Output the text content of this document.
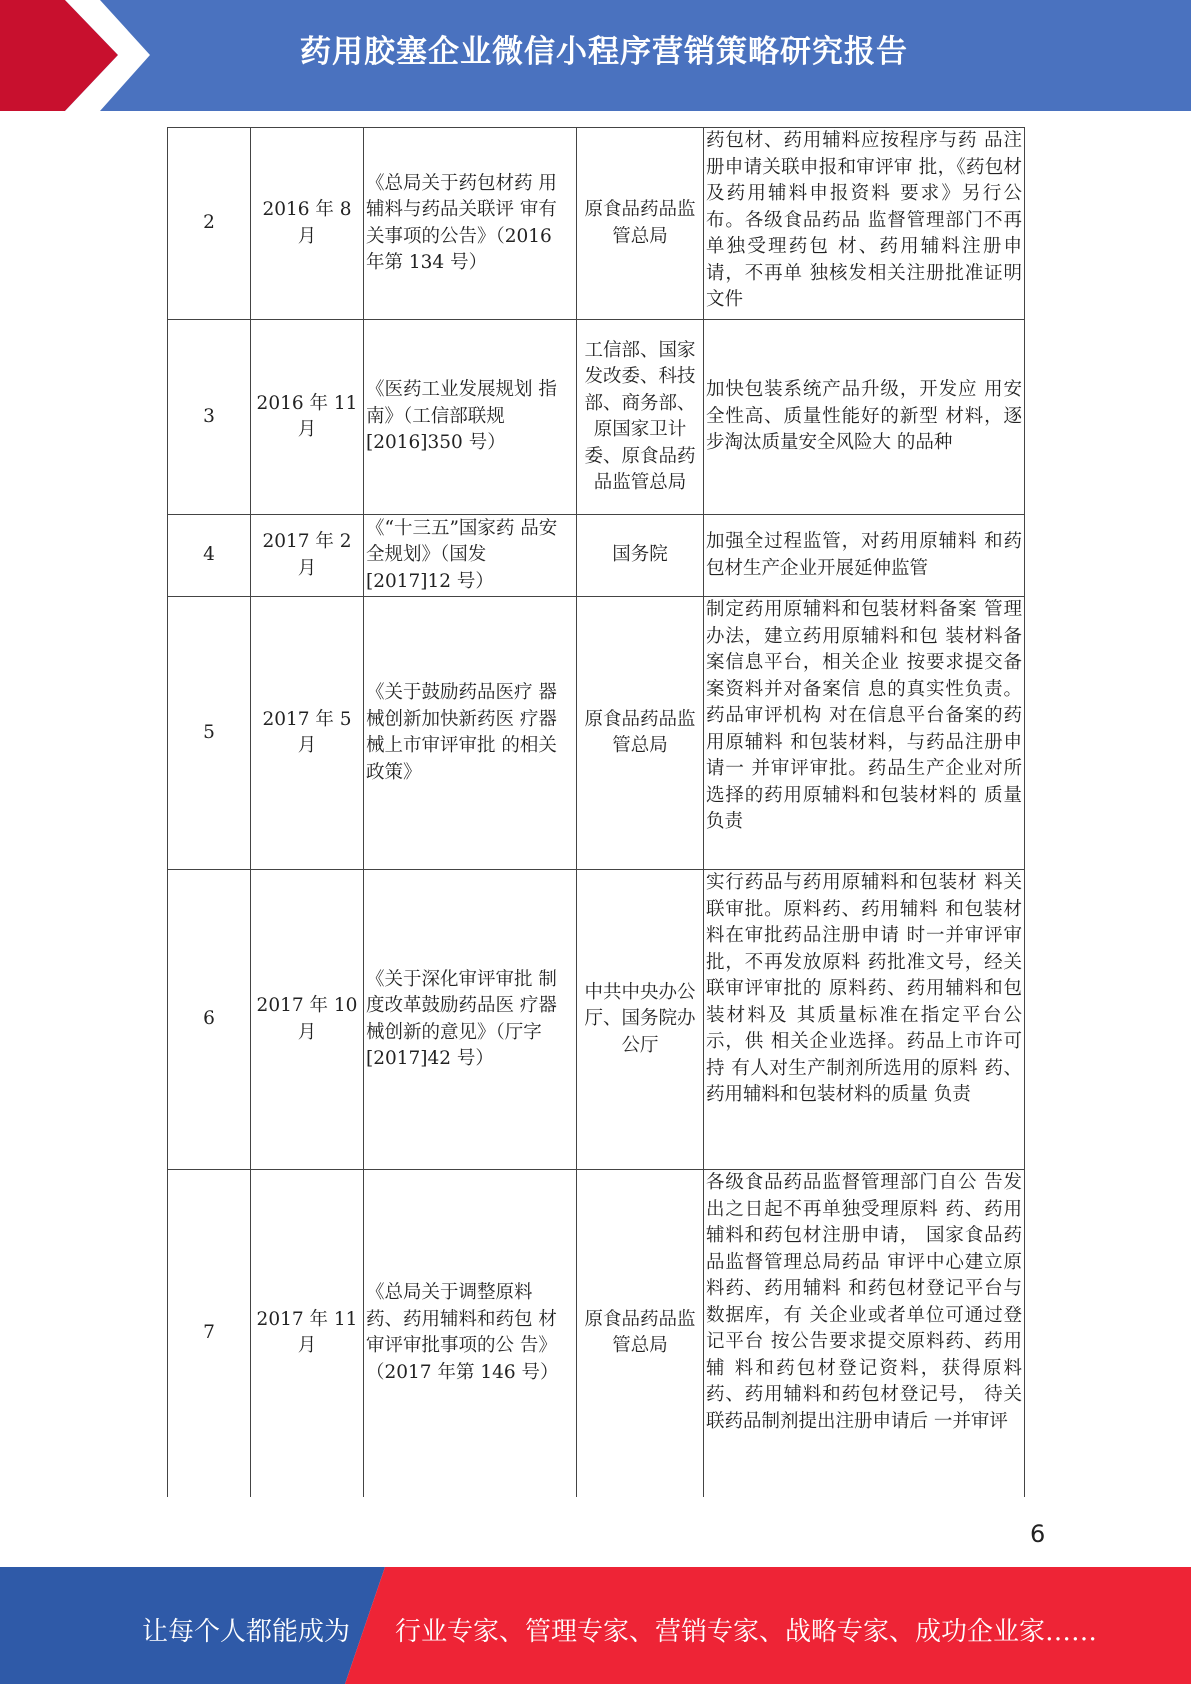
药用胶塞企业微信小程序营销策略研究报告
2	2016 年 8 月	《总局关于药包材药 用辅料与药品关联评 审有关事项的公告》（2016 年第 134 号）	原食品药品监管总局	药包材、药用辅料应按程序与药 品注册申请关联申报和审评审 批，《药包材及药用辅料申报资料 要求》另行公布。各级食品药品 监督管理部门不再单独受理药包 材、药用辅料注册申请，不再单 独核发相关注册批准证明文件
3	2016 年 11 月	《医药工业发展规划 指南》（工信部联规 [2016]350 号）	工信部、国家发改委、科技部、商务部、原国家卫计委、原食品药品监管总局	加快包装系统产品升级，开发应 用安全性高、质量性能好的新型 材料，逐步淘汰质量安全风险大 的品种
4	2017 年 2 月	《“十三五”国家药 品安全规划》（国发 [2017]12 号）	国务院	加强全过程监管，对药用原辅料 和药包材生产企业开展延伸监管
5	2017 年 5 月	《关于鼓励药品医疗 器械创新加快新药医 疗器械上市审评审批 的相关政策》	原食品药品监管总局	制定药用原辅料和包装材料备案 管理办法，建立药用原辅料和包 装材料备案信息平台，相关企业 按要求提交备案资料并对备案信 息的真实性负责。药品审评机构 对在信息平台备案的药用原辅料 和包装材料，与药品注册申请一 并审评审批。药品生产企业对所 选择的药用原辅料和包装材料的 质量负责
6	2017 年 10 月	《关于深化审评审批 制度改革鼓励药品医 疗器械创新的意见》（厅字[2017]42 号）	中共中央办公厅、国务院办公厅	实行药品与药用原辅料和包装材 料关联审批。原料药、药用辅料 和包装材料在审批药品注册申请 时一并审评审批，不再发放原料 药批准文号，经关联审评审批的 原料药、药用辅料和包装材料及 其质量标准在指定平台公示，供 相关企业选择。药品上市许可持 有人对生产制剂所选用的原料 药、药用辅料和包装材料的质量 负责
7	2017 年 11 月	《总局关于调整原料 药、药用辅料和药包 材审评审批事项的公 告》（2017 年第 146 号）	原食品药品监管总局	各级食品药品监督管理部门自公 告发出之日起不再单独受理原料 药、药用辅料和药包材注册申请， 国家食品药品监督管理总局药品 审评中心建立原料药、药用辅料 和药包材登记平台与数据库，有 关企业或者单位可通过登记平台 按公告要求提交原料药、药用辅 料和药包材登记资料，获得原料 药、药用辅料和药包材登记号， 待关联药品制剂提出注册申请后 一并审评
6
让每个人都能成为 行业专家、管理专家、营销专家、战略专家、成功企业家……
